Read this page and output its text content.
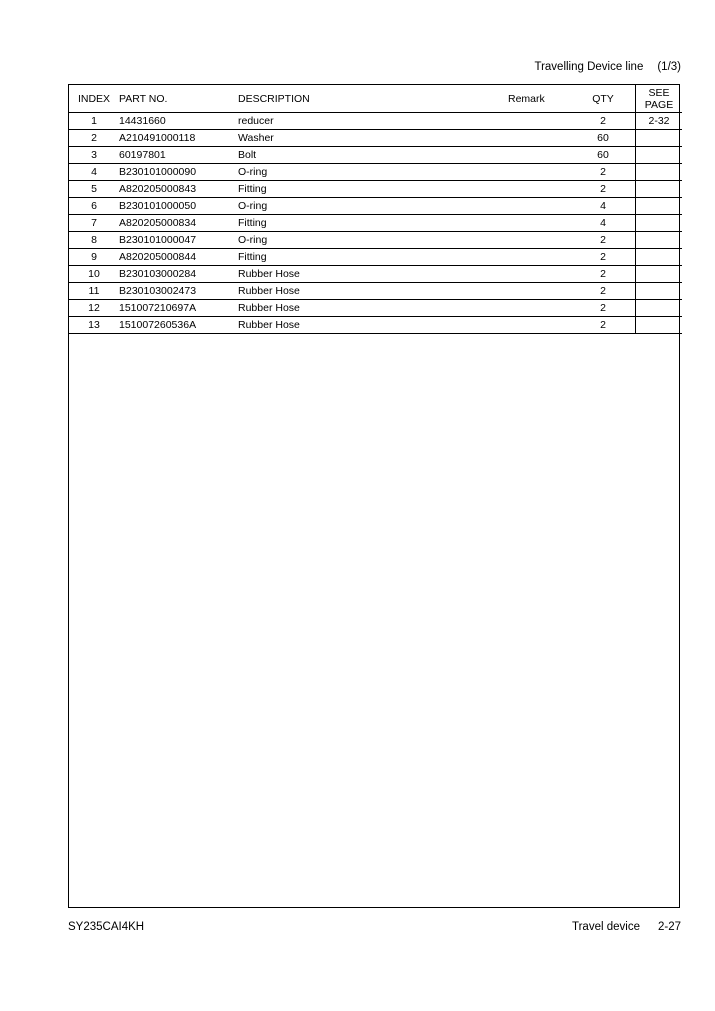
Travelling Device line (1/3)
INDEX	PART NO.	DESCRIPTION	Remark	QTY	SEE
PAGE
1	14431660	reducer		2	2-32
2	A210491000118	Washer		60	
3	60197801	Bolt		60	
4	B230101000090	O-ring		2	
5	A820205000843	Fitting		2	
6	B230101000050	O-ring		4	
7	A820205000834	Fitting		4	
8	B230101000047	O-ring		2	
9	A820205000844	Fitting		2	
10	B230103000284	Rubber Hose		2	
11	B230103002473	Rubber Hose		2	
12	151007210697A	Rubber Hose		2	
13	151007260536A	Rubber Hose		2	
SY235CAI4KH	Travel device 2-27
